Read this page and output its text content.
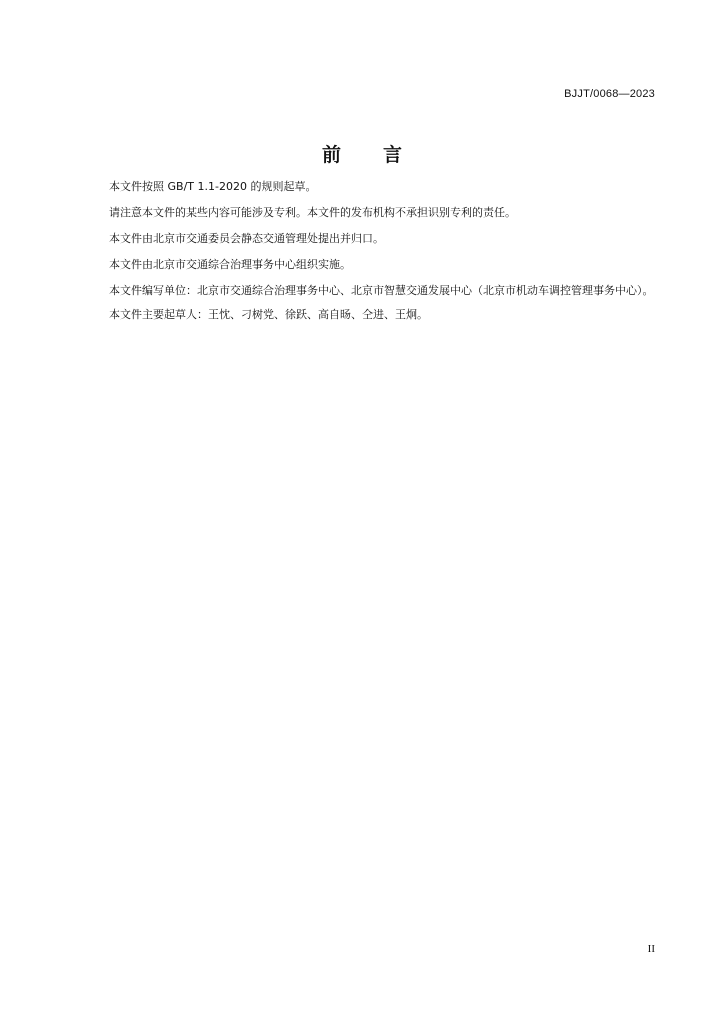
BJJT/0068—2023
前 言

本文件按照 GB/T 1.1-2020 的规则起草。

请注意本文件的某些内容可能涉及专利。本文件的发布机构不承担识别专利的责任。

本文件由北京市交通委员会静态交通管理处提出并归口。

本文件由北京市交通综合治理事务中心组织实施。

本文件编写单位：北京市交通综合治理事务中心、北京市智慧交通发展中心（北京市机动车调控管理事务中心）。

本文件主要起草人：王忱、刁树党、徐跃、高自旸、仝进、王炯。

II
